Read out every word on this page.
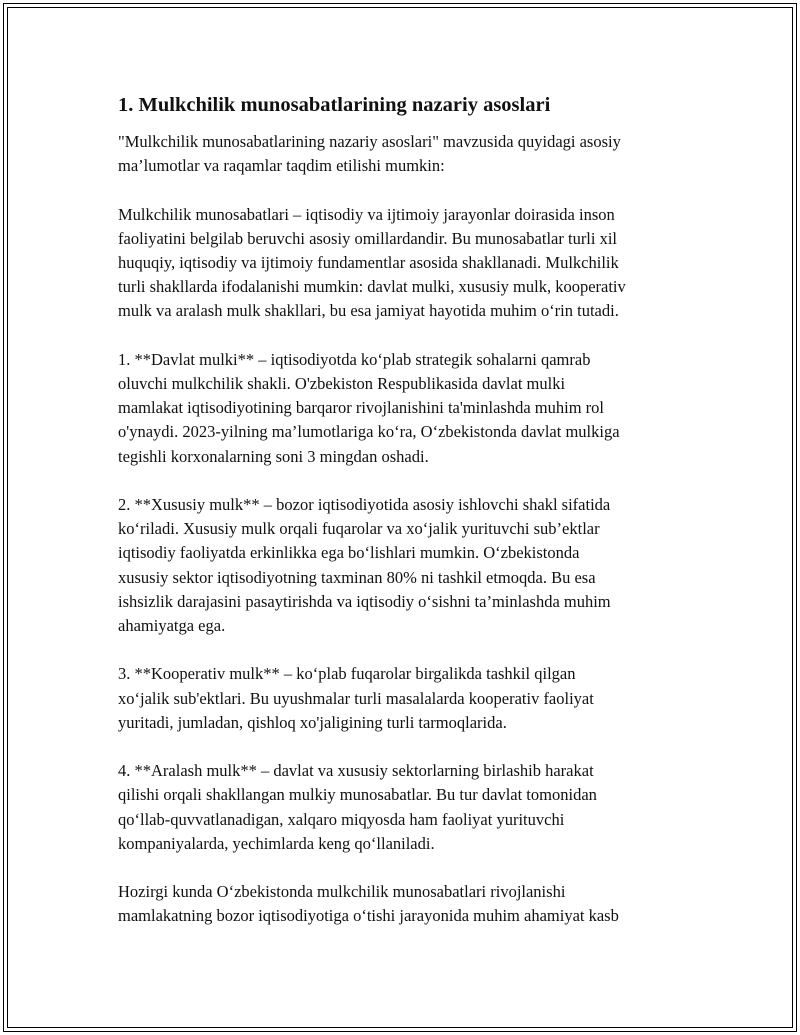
1. Mulkchilik munosabatlarining nazariy asoslari

"Mulkchilik munosabatlarining nazariy asoslari" mavzusida quyidagi asosiy
ma’lumotlar va raqamlar taqdim etilishi mumkin:

Mulkchilik munosabatlari – iqtisodiy va ijtimoiy jarayonlar doirasida inson
faoliyatini belgilab beruvchi asosiy omillardandir. Bu munosabatlar turli xil
huquqiy, iqtisodiy va ijtimoiy fundamentlar asosida shakllanadi. Mulkchilik
turli shakllarda ifodalanishi mumkin: davlat mulki, xususiy mulk, kooperativ
mulk va aralash mulk shakllari, bu esa jamiyat hayotida muhim o‘rin tutadi.

1. **Davlat mulki** – iqtisodiyotda ko‘plab strategik sohalarni qamrab
oluvchi mulkchilik shakli. O'zbekiston Respublikasida davlat mulki
mamlakat iqtisodiyotining barqaror rivojlanishini ta'minlashda muhim rol
o'ynaydi. 2023-yilning ma’lumotlariga ko‘ra, O‘zbekistonda davlat mulkiga
tegishli korxonalarning soni 3 mingdan oshadi.

2. **Xususiy mulk** – bozor iqtisodiyotida asosiy ishlovchi shakl sifatida
ko‘riladi. Xususiy mulk orqali fuqarolar va xo‘jalik yurituvchi sub’ektlar
iqtisodiy faoliyatda erkinlikka ega bo‘lishlari mumkin. O‘zbekistonda
xususiy sektor iqtisodiyotning taxminan 80% ni tashkil etmoqda. Bu esa
ishsizlik darajasini pasaytirishda va iqtisodiy o‘sishni ta’minlashda muhim
ahamiyatga ega.

3. **Kooperativ mulk** – ko‘plab fuqarolar birgalikda tashkil qilgan
xo‘jalik sub'ektlari. Bu uyushmalar turli masalalarda kooperativ faoliyat
yuritadi, jumladan, qishloq xo'jaligining turli tarmoqlarida.

4. **Aralash mulk** – davlat va xususiy sektorlarning birlashib harakat
qilishi orqali shakllangan mulkiy munosabatlar. Bu tur davlat tomonidan
qo‘llab-quvvatlanadigan, xalqaro miqyosda ham faoliyat yurituvchi
kompaniyalarda, yechimlarda keng qo‘llaniladi.

Hozirgi kunda O‘zbekistonda mulkchilik munosabatlari rivojlanishi
mamlakatning bozor iqtisodiyotiga o‘tishi jarayonida muhim ahamiyat kasb
